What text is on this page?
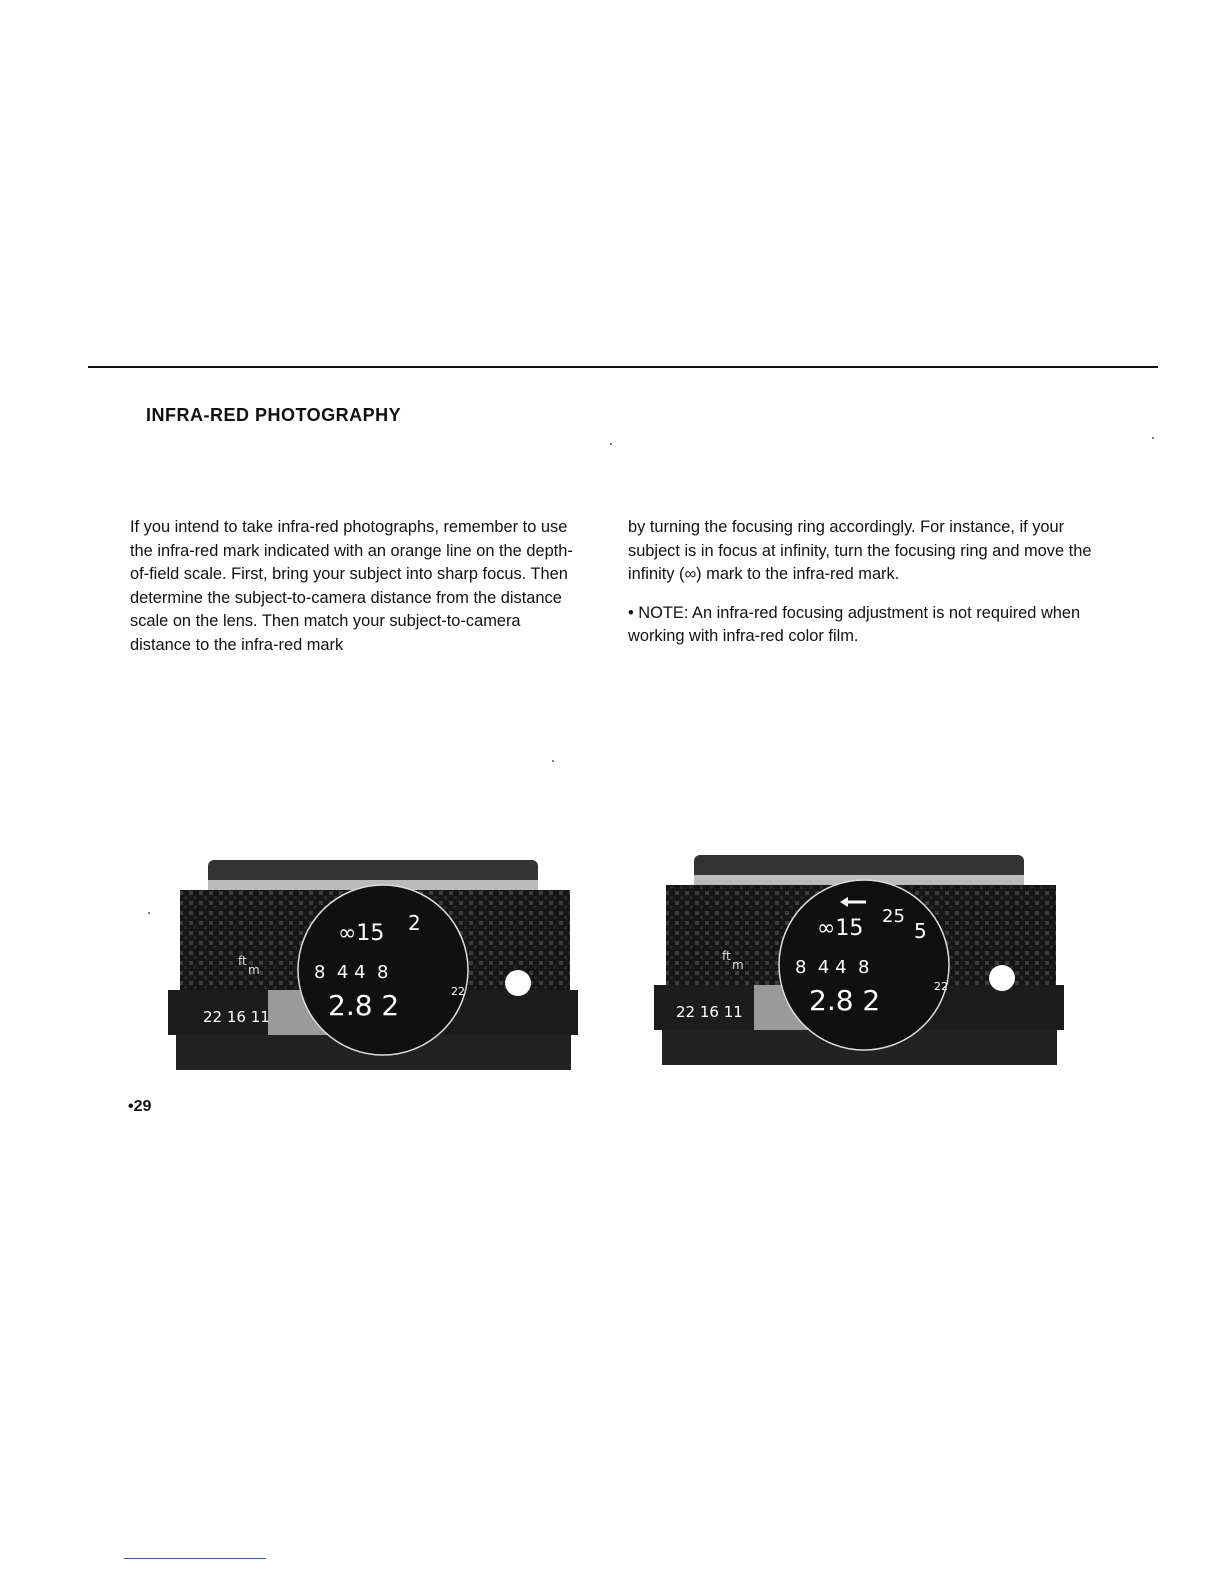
INFRA-RED PHOTOGRAPHY

If you intend to take infra-red photographs, remember to use the infra-red mark indicated with an orange line on the depth-of-field scale. First, bring your subject into sharp focus. Then determine the subject-to-camera distance from the distance scale on the lens. Then match your subject-to-camera distance to the infra-red mark

by turning the focusing ring accordingly. For instance, if your subject is in focus at infinity, turn the focusing ring and move the infinity (∞) mark to the infra-red mark.

• NOTE: An infra-red focusing adjustment is not required when working with infra-red color film.

∞15 2
8  4 4  8
2.8 2
ft
m
22 16 11
22
∞15 25
5
8  4 4  8
2.8 2
ft
m
22 16 11
22
•29
